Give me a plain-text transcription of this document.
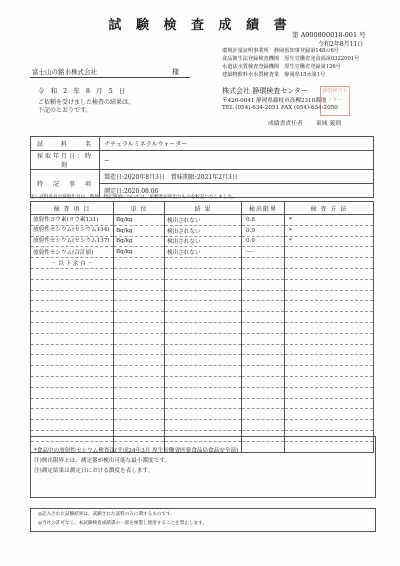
試 験 検 査 成 績 書
第 A000800018-001 号
令和2年8月11日
環境計量証明事業所　 静岡県知事登録第148の6号
食品衛生法登録検査機関　 厚生労働省発食福第0322001号
水道法水質検査登録機関　 厚生労働省登録第126号
建築物飲料水水質検査業　 静岡県15水第1号
株式会社 静環検査センター
〒426-0041 静岡県藤枝市高柳2310番地
TEL (054)-634-2051 FAX (054)-634-2050
静環検査センター
成績書責任者 東城 義則
富士山の銘水株式会社	様
令 和 2 年 8 月 5 日
ご依頼を受けました検査の結果は、
下記のとおりです。
試　　料　　名	ナチュラルミネラルウォーター
採取年月日：時刻	ー
特　記　事　項	製造日:2020年8月3日　賞味期限:2021年2月3日
	測定日:2020.08.06
注）試料名及び採取年月日、時刻、特記事項については、依頼者が申出たものを転記いたしました。
検 査 項 目	単 位	結 果	検出限界	検 査 方 法
放射性ヨウ素(ヨウ素131)	Bq/kg	検出されない	0.8	*
放射性セシウム(セシウム134)	Bq/kg	検出されない	0.9	*
放射性セシウム(セシウム137)	Bq/kg	検出されない	0.9	*
放射性セシウム(合計値)	Bq/kg	検出されない	----	
－ 以 下 余 白 －				

*食品中の放射性セシウム検査法(平成24年3月 厚生労働省医薬食品局食品安全部)
注)検出限界とは、測定器が検出可能な最小濃度です。
注)測定結果は測定日における濃度を表します。
◎記入された試験結果は、試験された試料のみに関するものです。
◎当社の許可なく、本試験検査成績書の一部を複製し使用することを禁止します。
